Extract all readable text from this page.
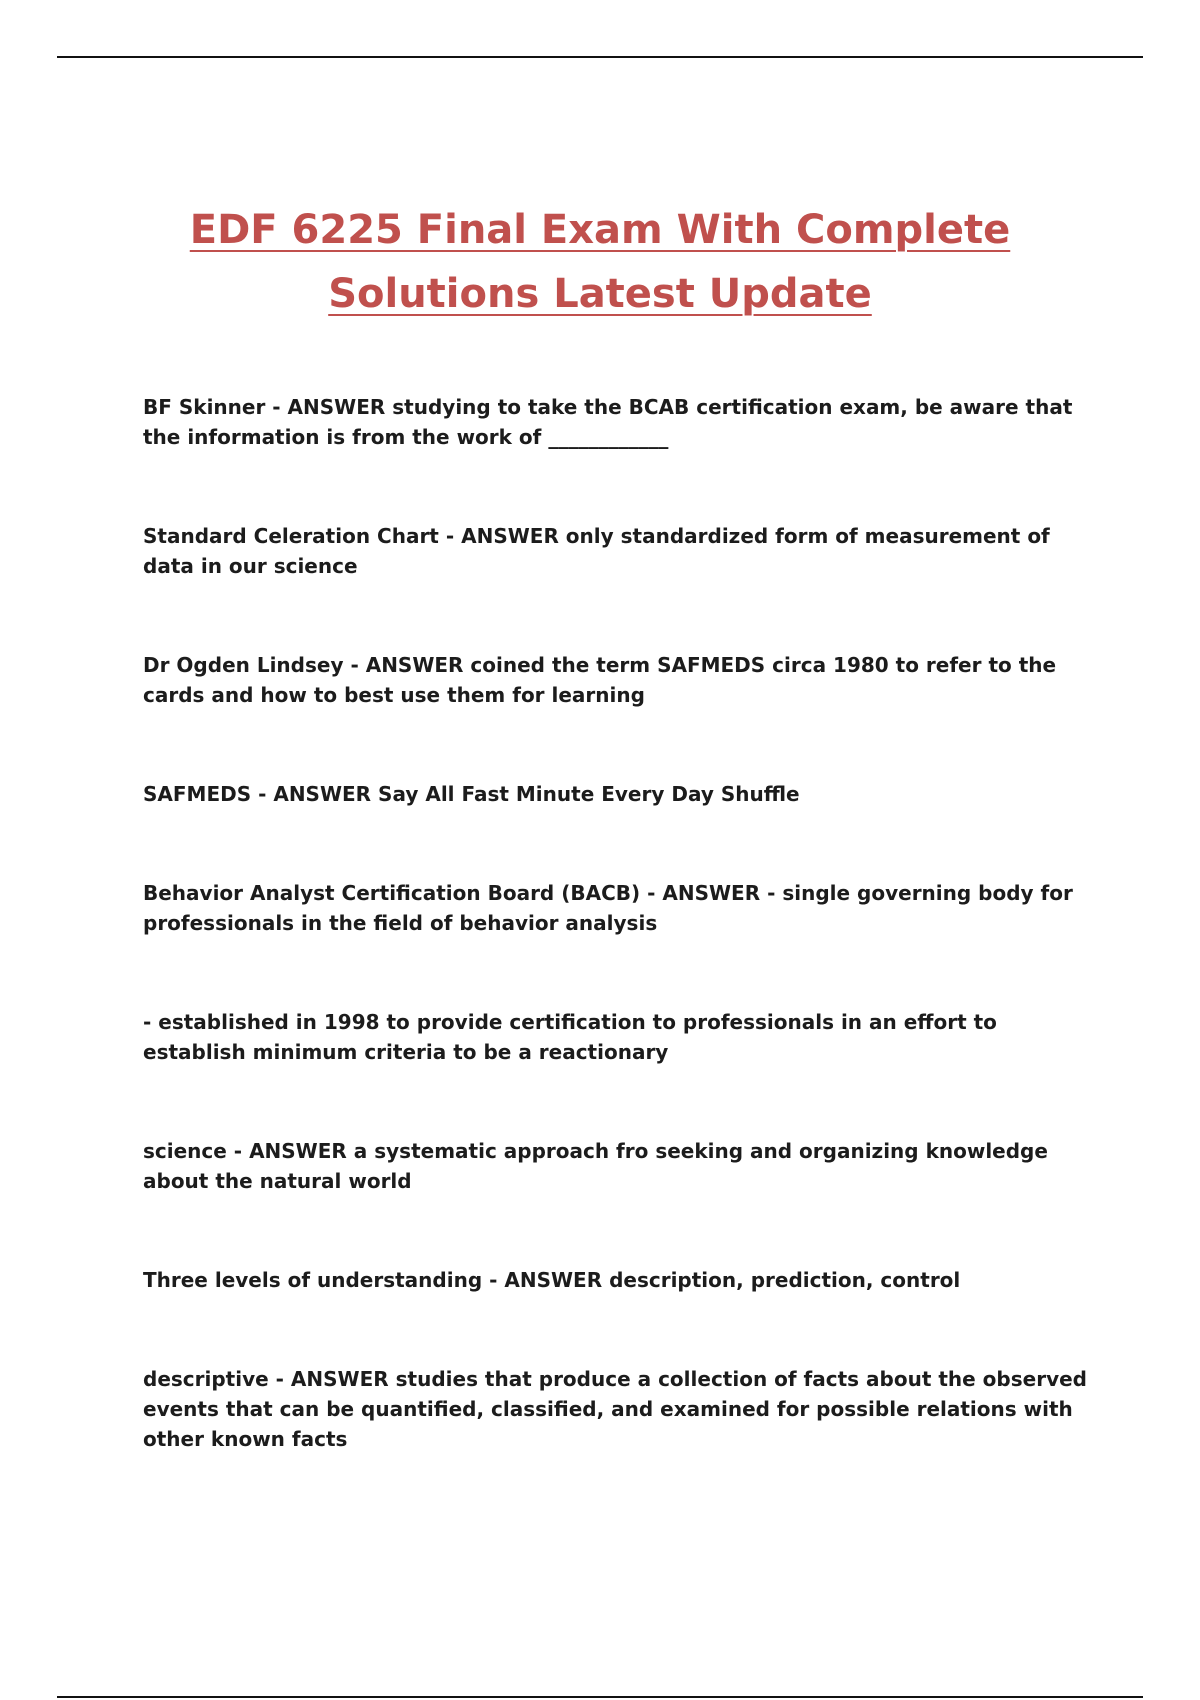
EDF 6225 Final Exam With Complete
Solutions Latest Update

BF Skinner - ANSWER studying to take the BCAB certification exam, be aware that the information is from the work of ____________

Standard Celeration Chart - ANSWER only standardized form of measurement of data in our science

Dr Ogden Lindsey - ANSWER coined the term SAFMEDS circa 1980 to refer to the cards and how to best use them for learning

SAFMEDS - ANSWER Say All Fast Minute Every Day Shuffle

Behavior Analyst Certification Board (BACB) - ANSWER - single governing body for professionals in the field of behavior analysis

- established in 1998 to provide certification to professionals in an effort to establish minimum criteria to be a reactionary

science - ANSWER a systematic approach fro seeking and organizing knowledge about the natural world

Three levels of understanding - ANSWER description, prediction, control

descriptive - ANSWER studies that produce a collection of facts about the observed events that can be quantified, classified, and examined for possible relations with other known facts
